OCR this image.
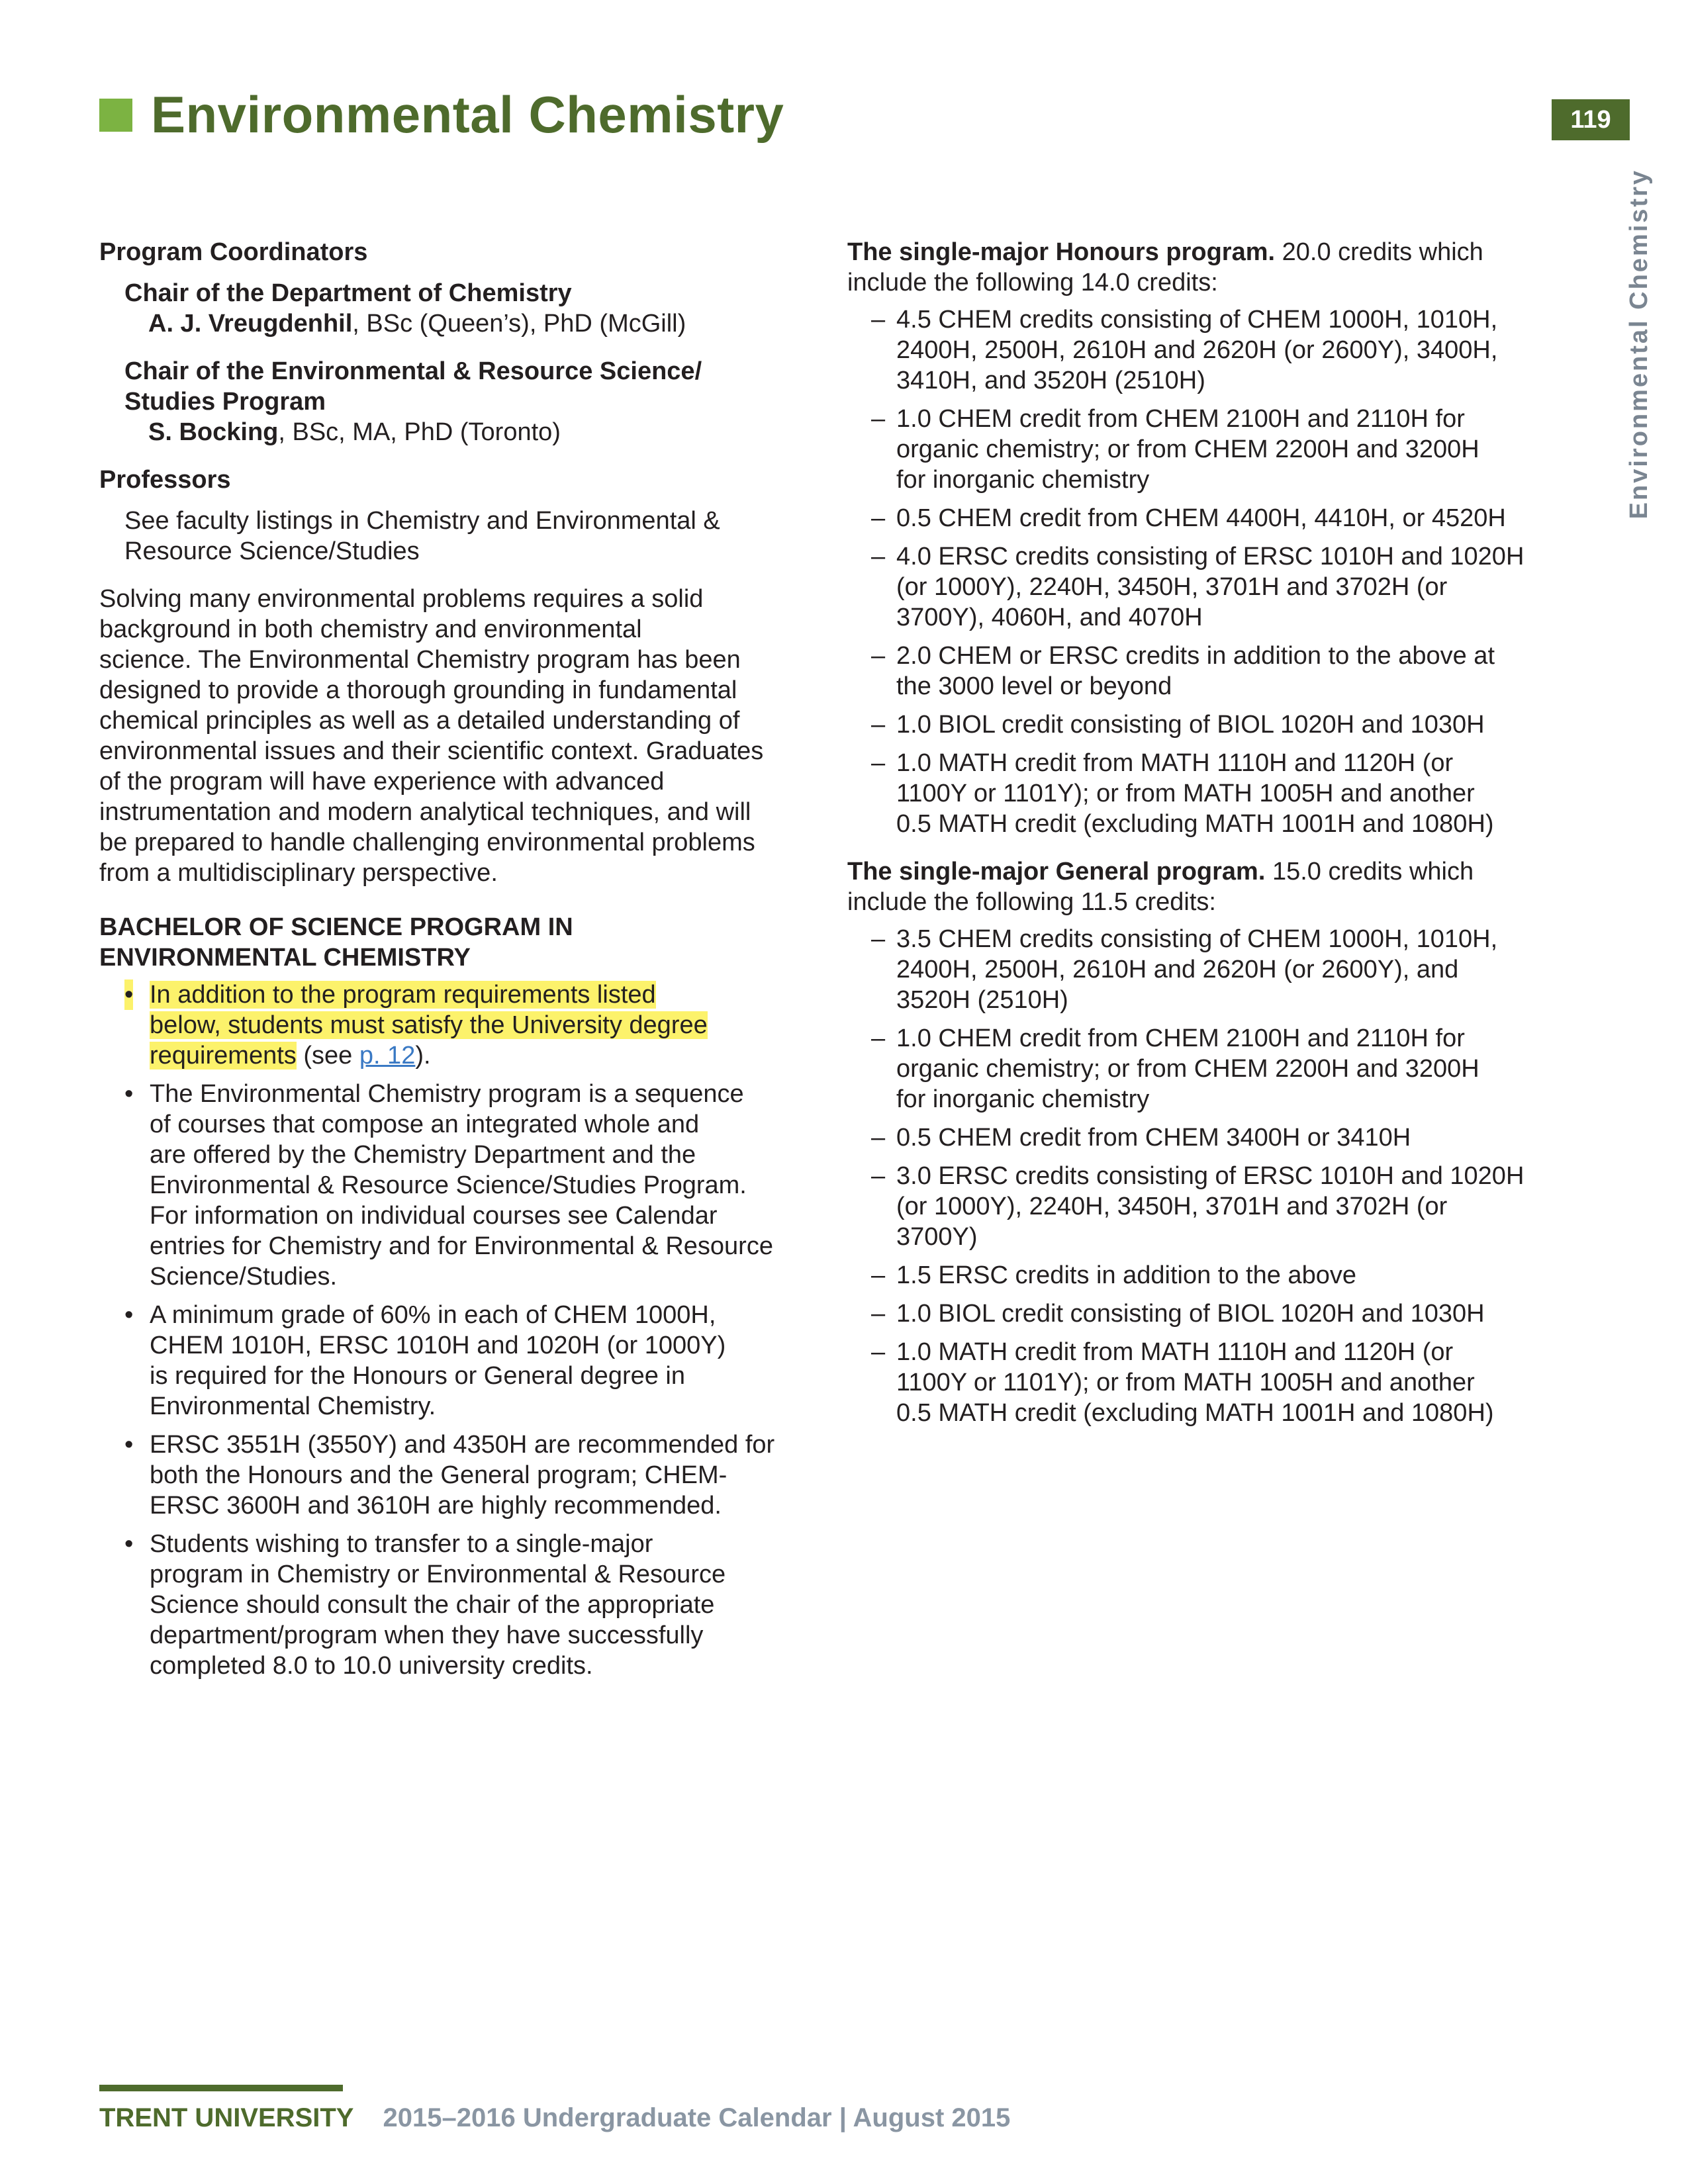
Environmental Chemistry	119
Environmental Chemistry
Program Coordinators
Chair of the Department of Chemistry
A. J. Vreugdenhil, BSc (Queen’s), PhD (McGill)
Chair of the Environmental & Resource Science/
Studies Program
S. Bocking, BSc, MA, PhD (Toronto)
Professors
See faculty listings in Chemistry and Environmental &
Resource Science/Studies
Solving many environmental problems requires a solid
background in both chemistry and environmental
science. The Environmental Chemistry program has been
designed to provide a thorough grounding in fundamental
chemical principles as well as a detailed understanding of
environmental issues and their scientific context. Graduates
of the program will have experience with advanced
instrumentation and modern analytical techniques, and will
be prepared to handle challenging environmental problems
from a multidisciplinary perspective.
BACHELOR OF SCIENCE PROGRAM IN
ENVIRONMENTAL CHEMISTRY
• In addition to the program requirements listed
below, students must satisfy the University degree
requirements (see p. 12).
• The Environmental Chemistry program is a sequence
of courses that compose an integrated whole and
are offered by the Chemistry Department and the
Environmental & Resource Science/Studies Program.
For information on individual courses see Calendar
entries for Chemistry and for Environmental & Resource
Science/Studies.
• A minimum grade of 60% in each of CHEM 1000H,
CHEM 1010H, ERSC 1010H and 1020H (or 1000Y)
is required for the Honours or General degree in
Environmental Chemistry.
• ERSC 3551H (3550Y) and 4350H are recommended for
both the Honours and the General program; CHEM-
ERSC 3600H and 3610H are highly recommended.
• Students wishing to transfer to a single-major
program in Chemistry or Environmental & Resource
Science should consult the chair of the appropriate
department/program when they have successfully
completed 8.0 to 10.0 university credits.
The single-major Honours program. 20.0 credits which
include the following 14.0 credits:
– 4.5 CHEM credits consisting of CHEM 1000H, 1010H,
2400H, 2500H, 2610H and 2620H (or 2600Y), 3400H,
3410H, and 3520H (2510H)
– 1.0 CHEM credit from CHEM 2100H and 2110H for
organic chemistry; or from CHEM 2200H and 3200H
for inorganic chemistry
– 0.5 CHEM credit from CHEM 4400H, 4410H, or 4520H
– 4.0 ERSC credits consisting of ERSC 1010H and 1020H
(or 1000Y), 2240H, 3450H, 3701H and 3702H (or
3700Y), 4060H, and 4070H
– 2.0 CHEM or ERSC credits in addition to the above at
the 3000 level or beyond
– 1.0 BIOL credit consisting of BIOL 1020H and 1030H
– 1.0 MATH credit from MATH 1110H and 1120H (or
1100Y or 1101Y); or from MATH 1005H and another
0.5 MATH credit (excluding MATH 1001H and 1080H)
The single-major General program. 15.0 credits which
include the following 11.5 credits:
– 3.5 CHEM credits consisting of CHEM 1000H, 1010H,
2400H, 2500H, 2610H and 2620H (or 2600Y), and
3520H (2510H)
– 1.0 CHEM credit from CHEM 2100H and 2110H for
organic chemistry; or from CHEM 2200H and 3200H
for inorganic chemistry
– 0.5 CHEM credit from CHEM 3400H or 3410H
– 3.0 ERSC credits consisting of ERSC 1010H and 1020H
(or 1000Y), 2240H, 3450H, 3701H and 3702H (or
3700Y)
– 1.5 ERSC credits in addition to the above
– 1.0 BIOL credit consisting of BIOL 1020H and 1030H
– 1.0 MATH credit from MATH 1110H and 1120H (or
1100Y or 1101Y); or from MATH 1005H and another
0.5 MATH credit (excluding MATH 1001H and 1080H)
TRENT UNIVERSITY 2015–2016 Undergraduate Calendar | August 2015
